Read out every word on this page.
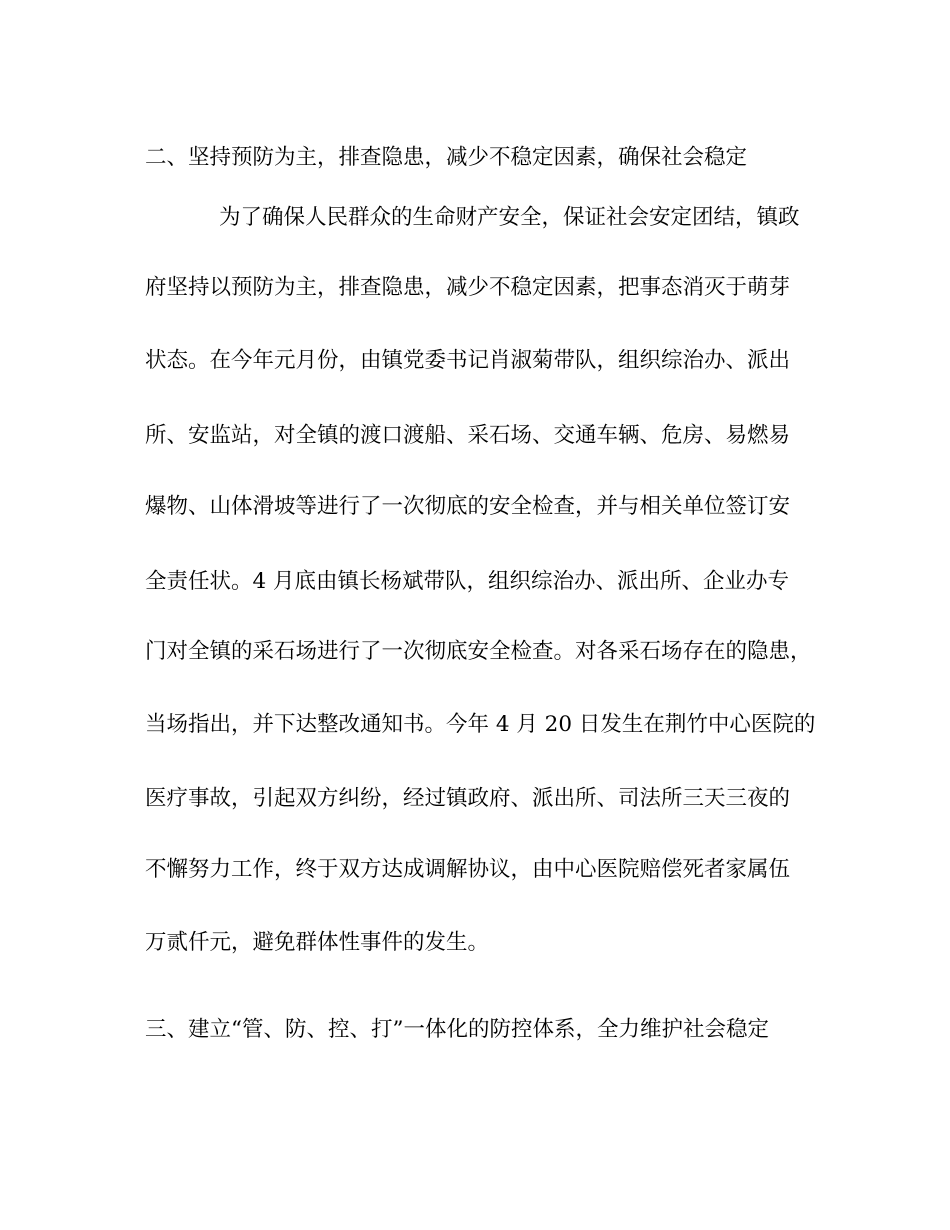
二、坚持预防为主，排查隐患，减少不稳定因素，确保社会稳定

为了确保人民群众的生命财产安全，保证社会安定团结，镇政

府坚持以预防为主，排查隐患，减少不稳定因素，把事态消灭于萌芽

状态。在今年元月份，由镇党委书记肖淑菊带队，组织综治办、派出

所、安监站，对全镇的渡口渡船、采石场、交通车辆、危房、易燃易

爆物、山体滑坡等进行了一次彻底的安全检查，并与相关单位签订安

全责任状。4 月底由镇长杨斌带队，组织综治办、派出所、企业办专

门对全镇的采石场进行了一次彻底安全检查。对各采石场存在的隐患，

当场指出，并下达整改通知书。今年 4 月 20 日发生在荆竹中心医院的

医疗事故，引起双方纠纷，经过镇政府、派出所、司法所三天三夜的

不懈努力工作，终于双方达成调解协议，由中心医院赔偿死者家属伍

万贰仟元，避免群体性事件的发生。

三、建立“管、防、控、打”一体化的防控体系，全力维护社会稳定
